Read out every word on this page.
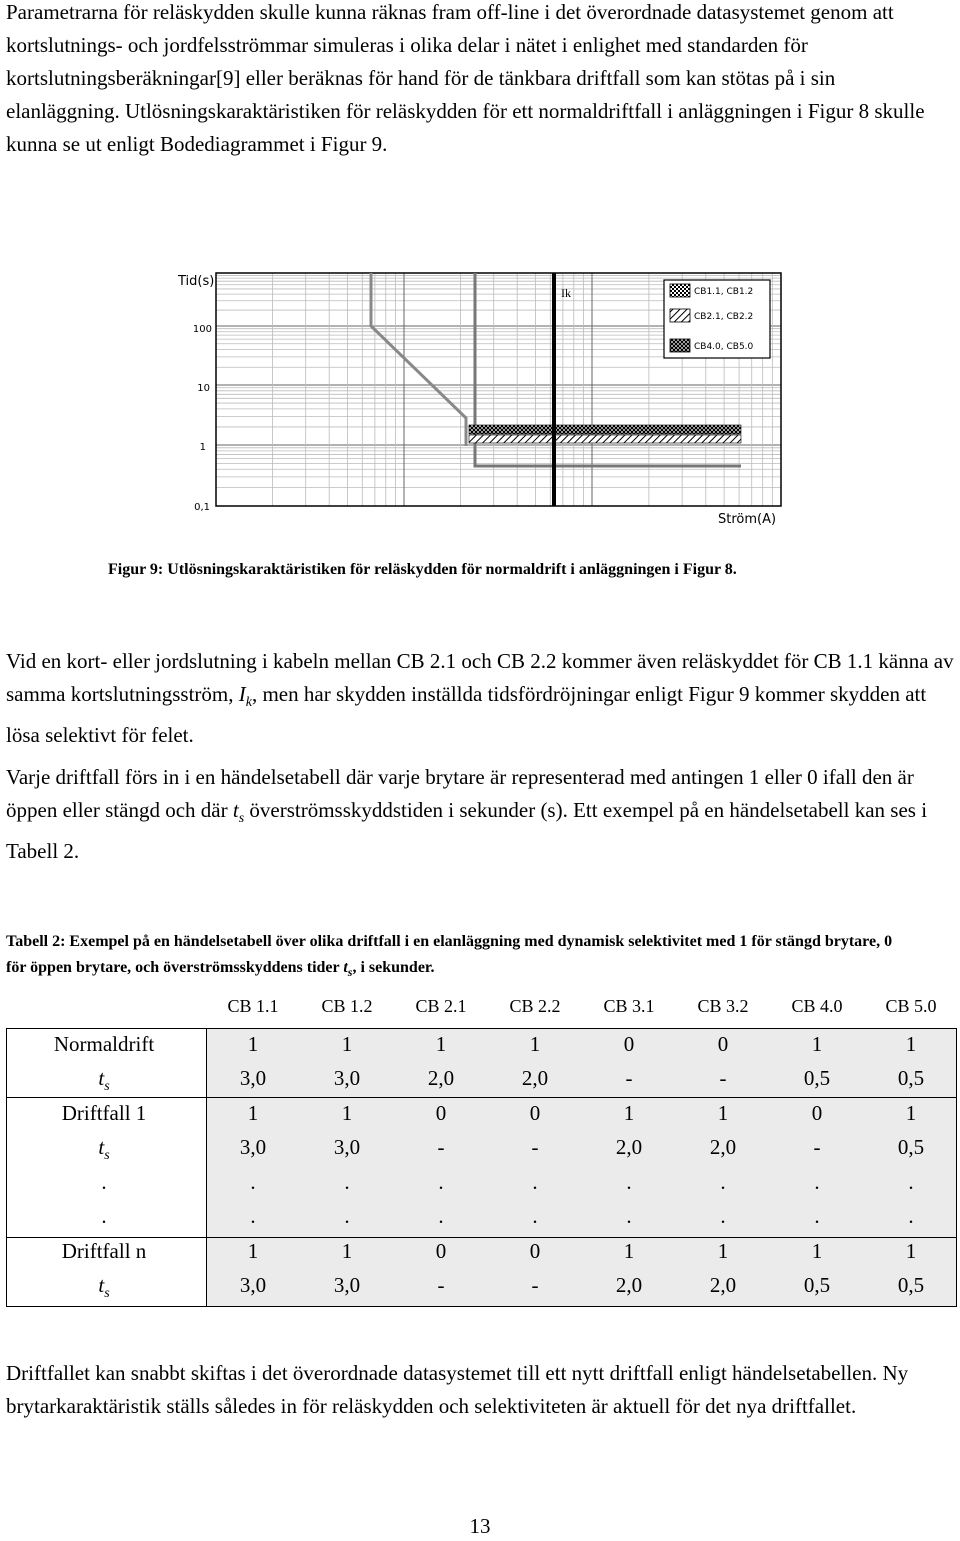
Parametrarna för reläskydden skulle kunna räknas fram off-line i det överordnade datasystemet genom att kortslutnings- och jordfelsströmmar simuleras i olika delar i nätet i enlighet med standarden för kortslutningsberäkningar[9] eller beräknas för hand för de tänkbara driftfall som kan stötas på i sin elanläggning. Utlösningskaraktäristiken för reläskydden för ett normaldriftfall i anläggningen i Figur 8 skulle kunna se ut enligt Bodediagrammet i Figur 9.

Tid(s)
Ström(A)
100
10
1
0,1
Ik	CB1.1, CB1.2
CB2.1, CB2.2
CB4.0, CB5.0
Figur 9: Utlösningskaraktäristiken för reläskydden för normaldrift i anläggningen i Figur 8.

Vid en kort- eller jordslutning i kabeln mellan CB 2.1 och CB 2.2 kommer även reläskyddet för CB 1.1 känna av samma kortslutningsström, $I_k$, men har skydden inställda tidsfördröjningar enligt Figur 9 kommer skydden att lösa selektivt för felet.

Varje driftfall förs in i en händelsetabell där varje brytare är representerad med antingen 1 eller 0 ifall den är öppen eller stängd och där $t_s$ överströmsskyddstiden i sekunder (s). Ett exempel på en händelsetabell kan ses i Tabell 2.

Tabell 2: Exempel på en händelsetabell över olika driftfall i en elanläggning med dynamisk selektivitet med 1 för stängd brytare, 0 för öppen brytare, och överströmsskyddens tider $t_s$, i sekunder.
CB 1.1	CB 1.2	CB 2.1	CB 2.2	CB 3.1	CB 3.2	CB 4.0	CB 5.0
Normaldrift	1	1	1	1	0	0	1	1
$t_s$	3,0	3,0	2,0	2,0	-	-	0,5	0,5
Driftfall 1	1	1	0	0	1	1	0	1
$t_s$	3,0	3,0	-	-	2,0	2,0	-	0,5
.	.	.	.	.	.	.	.	.
.	.	.	.	.	.	.	.	.
Driftfall n	1	1	0	0	1	1	1	1
$t_s$	3,0	3,0	-	-	2,0	2,0	0,5	0,5

Driftfallet kan snabbt skiftas i det överordnade datasystemet till ett nytt driftfall enligt händelsetabellen. Ny brytarkaraktäristik ställs således in för reläskydden och selektiviteten är aktuell för det nya driftfallet.

13
